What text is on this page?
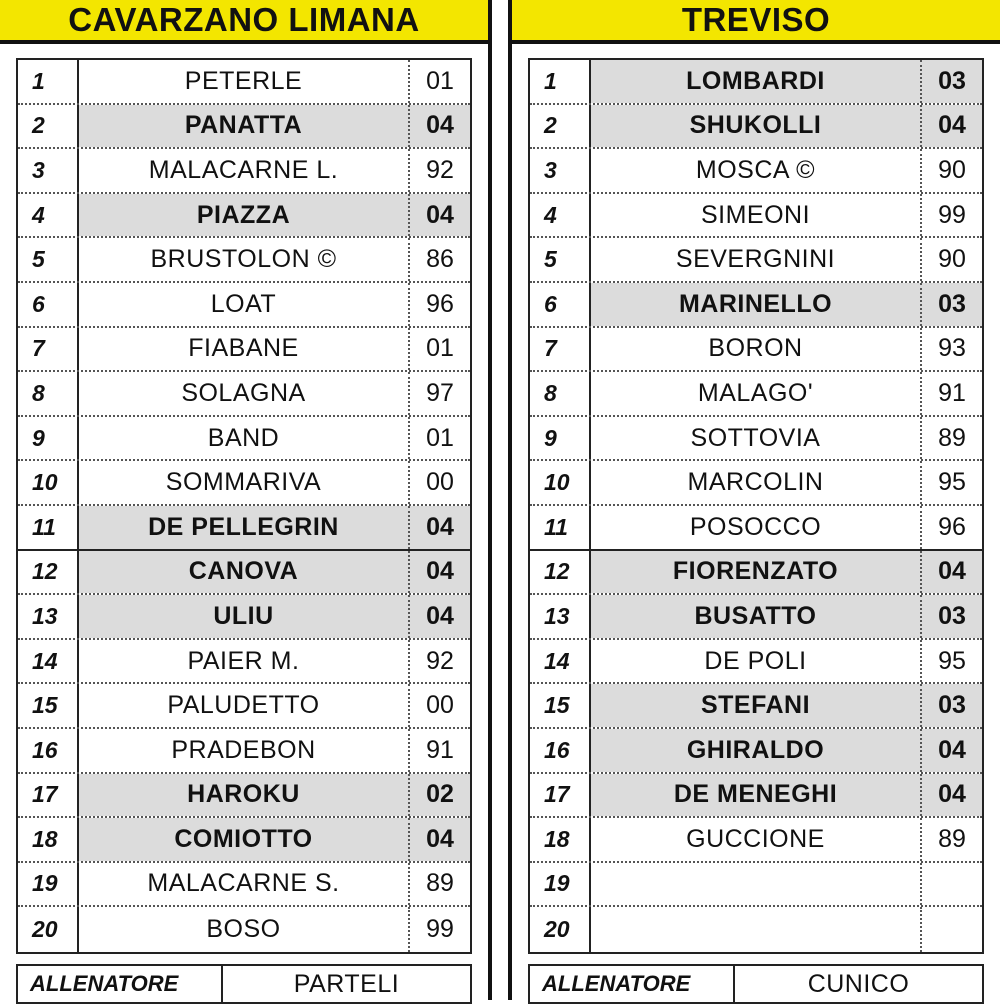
CAVARZANO LIMANA
1	PETERLE	01
2	PANATTA	04
3	MALACARNE L.	92
4	PIAZZA	04
5	BRUSTOLON ©	86
6	LOAT	96
7	FIABANE	01
8	SOLAGNA	97
9	BAND	01
10	SOMMARIVA	00
11	DE PELLEGRIN	04
12	CANOVA	04
13	ULIU	04
14	PAIER M.	92
15	PALUDETTO	00
16	PRADEBON	91
17	HAROKU	02
18	COMIOTTO	04
19	MALACARNE S.	89
20	BOSO	99
ALLENATORE	PARTELI
TREVISO
1	LOMBARDI	03
2	SHUKOLLI	04
3	MOSCA ©	90
4	SIMEONI	99
5	SEVERGNINI	90
6	MARINELLO	03
7	BORON	93
8	MALAGO'	91
9	SOTTOVIA	89
10	MARCOLIN	95
11	POSOCCO	96
12	FIORENZATO	04
13	BUSATTO	03
14	DE POLI	95
15	STEFANI	03
16	GHIRALDO	04
17	DE MENEGHI	04
18	GUCCIONE	89
19
20
ALLENATORE	CUNICO
